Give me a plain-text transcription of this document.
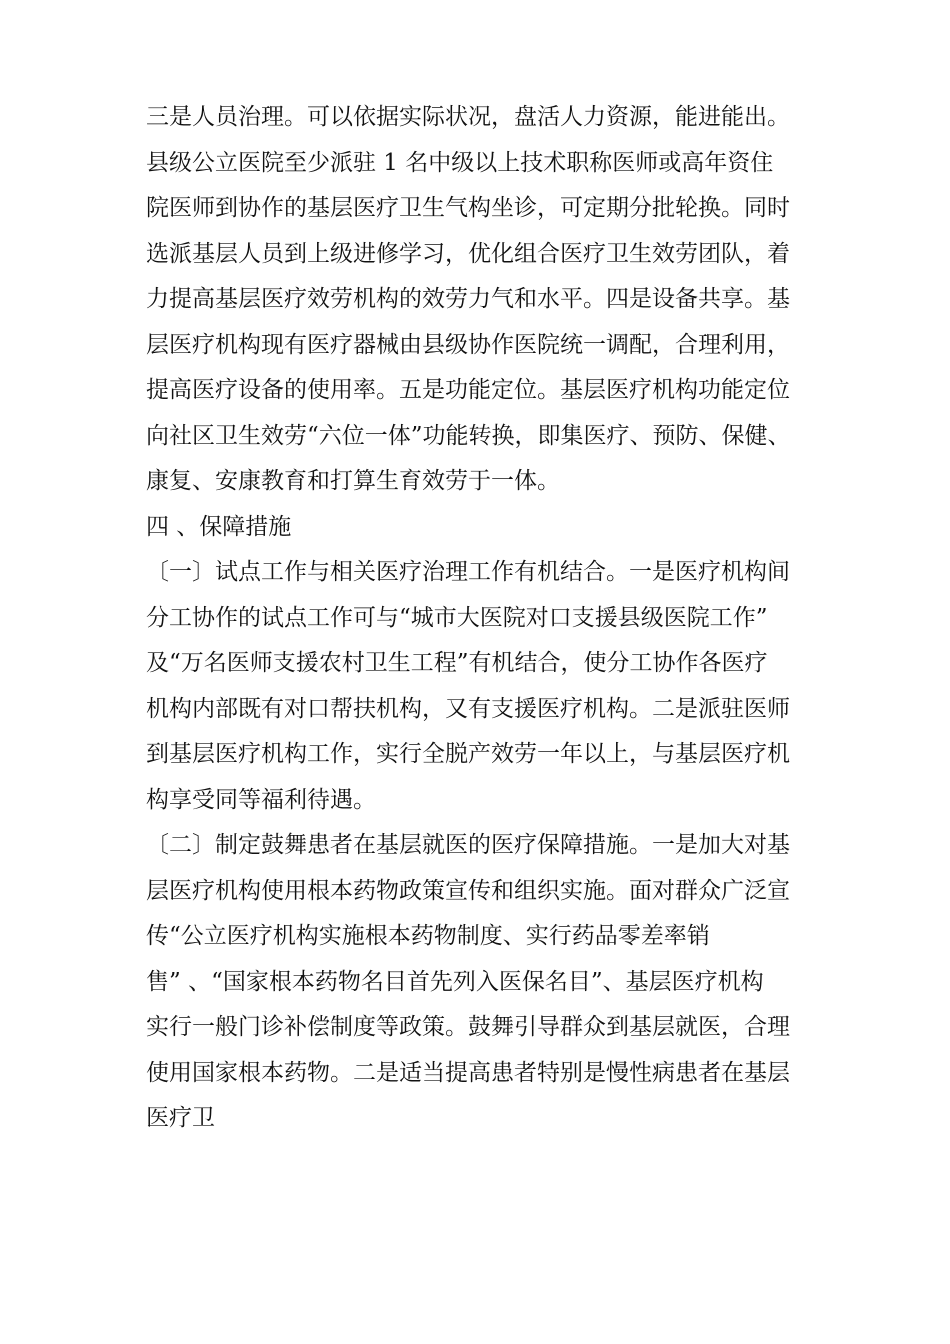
三是人员治理。可以依据实际状况，盘活人力资源，能进能出。
县级公立医院至少派驻 1 名中级以上技术职称医师或高年资住
院医师到协作的基层医疗卫生气构坐诊，可定期分批轮换。同时
选派基层人员到上级进修学习，优化组合医疗卫生效劳团队，着
力提高基层医疗效劳机构的效劳力气和水平。四是设备共享。基
层医疗机构现有医疗器械由县级协作医院统一调配，合理利用，
提高医疗设备的使用率。五是功能定位。基层医疗机构功能定位
向社区卫生效劳“六位一体”功能转换，即集医疗、预防、保健、
康复、安康教育和打算生育效劳于一体。
四 、保障措施
〔一〕试点工作与相关医疗治理工作有机结合。一是医疗机构间
分工协作的试点工作可与“城市大医院对口支援县级医院工作”
及“万名医师支援农村卫生工程”有机结合，使分工协作各医疗
机构内部既有对口帮扶机构，又有支援医疗机构。二是派驻医师
到基层医疗机构工作，实行全脱产效劳一年以上，与基层医疗机
构享受同等福利待遇。
〔二〕制定鼓舞患者在基层就医的医疗保障措施。一是加大对基
层医疗机构使用根本药物政策宣传和组织实施。面对群众广泛宣
传“公立医疗机构实施根本药物制度、实行药品零差率销
售” 、“国家根本药物名目首先列入医保名目”、基层医疗机构
实行一般门诊补偿制度等政策。鼓舞引导群众到基层就医，合理
使用国家根本药物。二是适当提高患者特别是慢性病患者在基层
医疗卫
